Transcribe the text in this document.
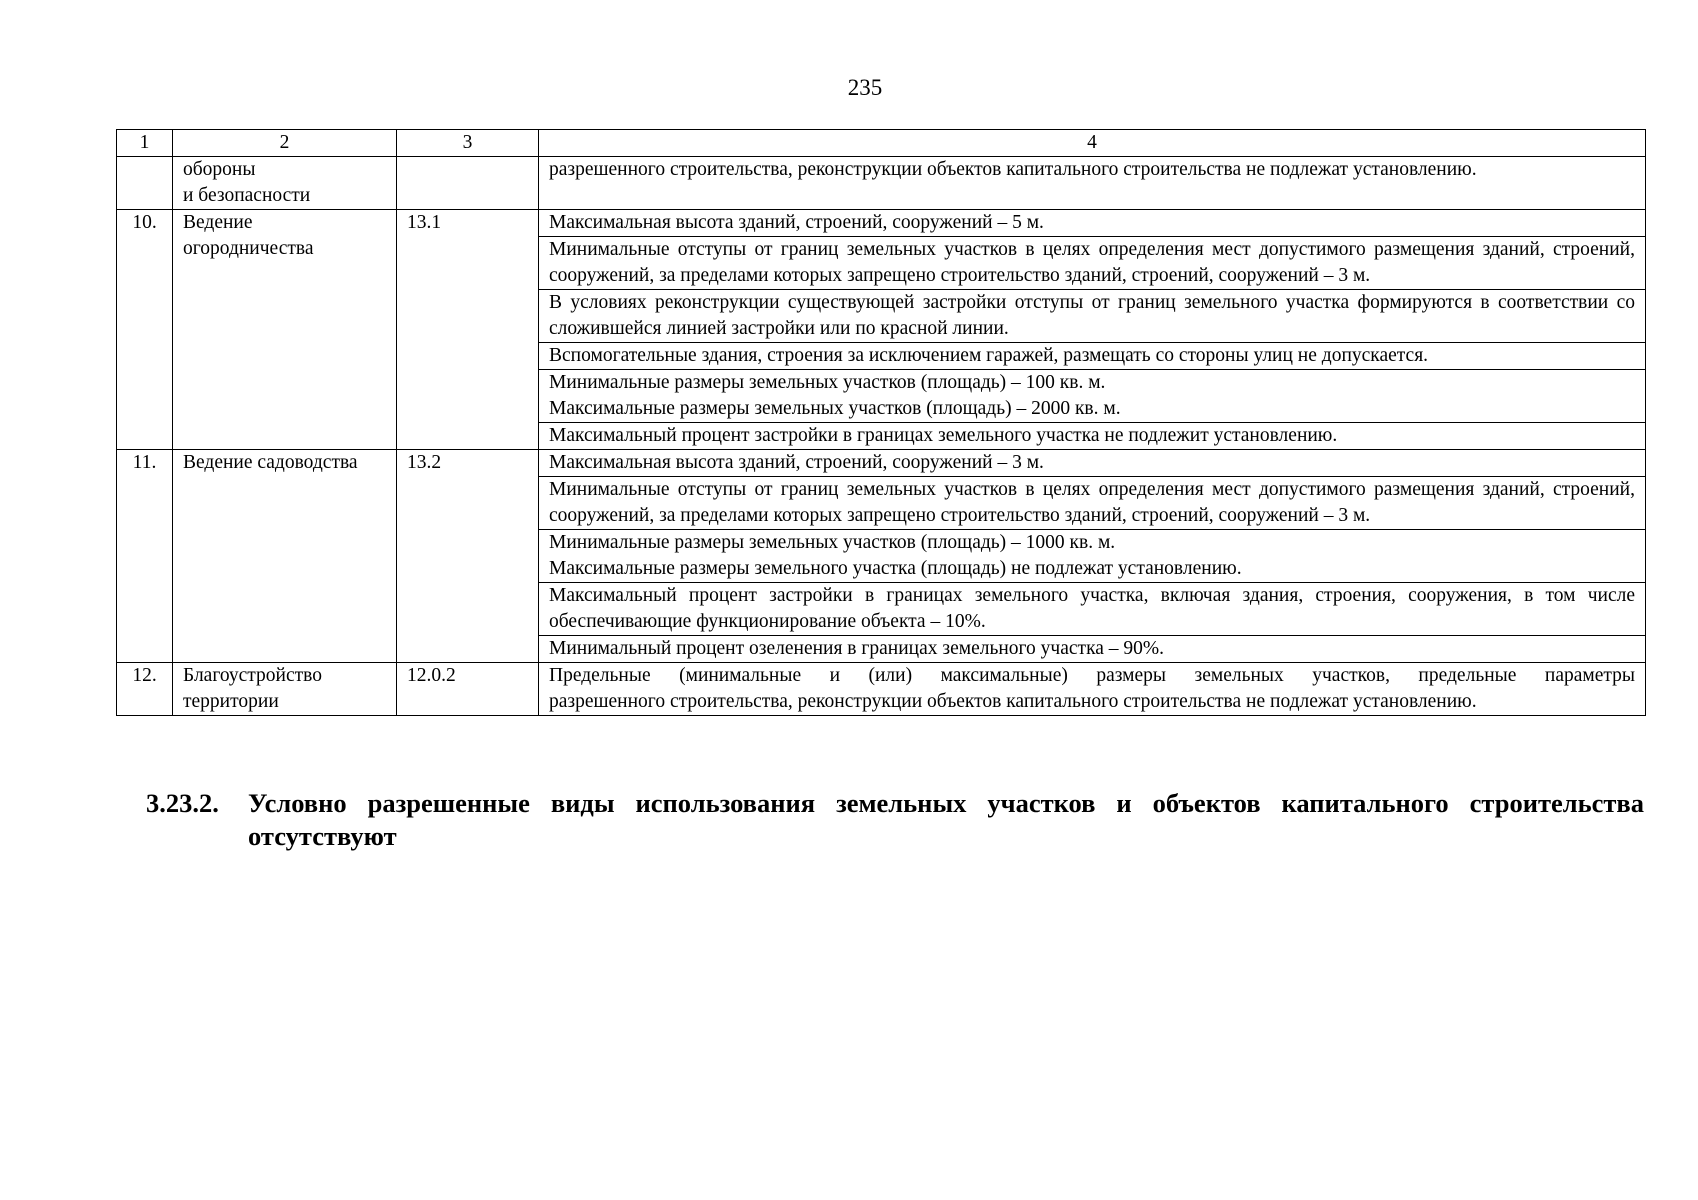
235
1	2	3	4

	обороны
и безопасности		разрешенного строительства, реконструкции объектов капитального строительства не подлежат установлению.
10.	Ведение
огородничества	13.1	Максимальная высота зданий, строений, сооружений – 5 м.
			Минимальные отступы от границ земельных участков в целях определения мест допустимого размещения зданий, строений, сооружений, за пределами которых запрещено строительство зданий, строений, сооружений – 3 м.
			В условиях реконструкции существующей застройки отступы от границ земельного участка формируются в соответствии со сложившейся линией застройки или по красной линии.
			Вспомогательные здания, строения за исключением гаражей, размещать со стороны улиц не допускается.

			Минимальные размеры земельных участков (площадь) – 100 кв. м.
Максимальные размеры земельных участков (площадь) – 2000 кв. м.

			Максимальный процент застройки в границах земельного участка не подлежит установлению.
11.	Ведение садоводства	13.2	Максимальная высота зданий, строений, сооружений – 3 м.
			Минимальные отступы от границ земельных участков в целях определения мест допустимого размещения зданий, строений, сооружений, за пределами которых запрещено строительство зданий, строений, сооружений – 3 м.

			Минимальные размеры земельных участков (площадь) – 1000 кв. м.
Максимальные размеры земельного участка (площадь) не подлежат установлению.

			Максимальный процент застройки в границах земельного участка, включая здания, строения, сооружения, в том числе обеспечивающие функционирование объекта – 10%.
			Минимальный процент озеленения в границах земельного участка – 90%.
12.	Благоустройство
территории	12.0.2	Предельные (минимальные и (или) максимальные) размеры земельных участков, предельные параметры
разрешенного строительства, реконструкции объектов капитального строительства не подлежат установлению.
3.23.2. Условно разрешенные виды использования земельных участков и объектов капитального строительства отсутствуют
